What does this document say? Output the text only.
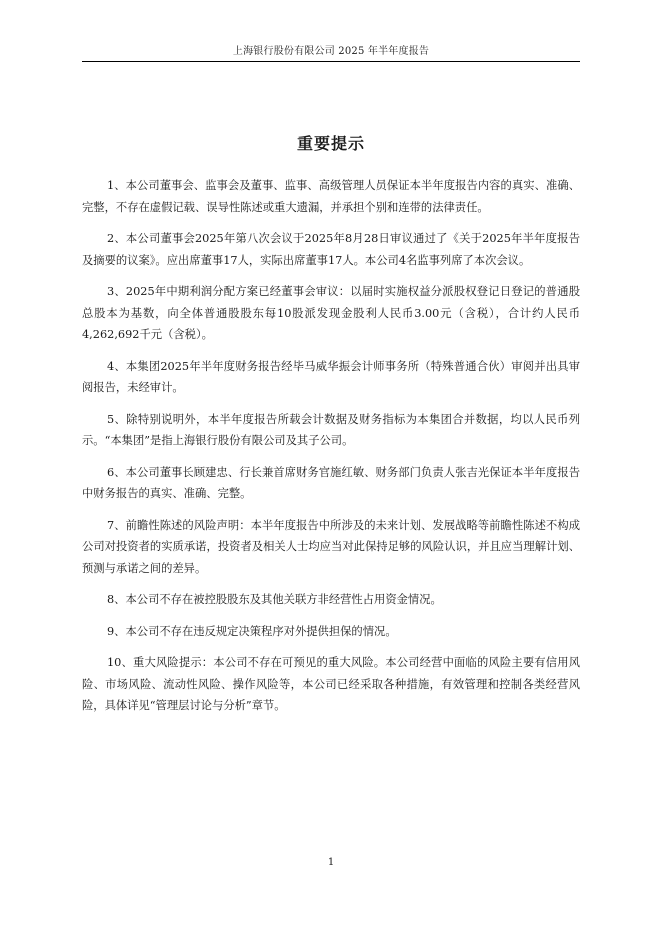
上海银行股份有限公司 2025 年半年度报告
重要提示

1、本公司董事会、监事会及董事、监事、高级管理人员保证本半年度报告内容的真实、准确、完整，不存在虚假记载、误导性陈述或重大遗漏，并承担个别和连带的法律责任。

2、本公司董事会2025年第八次会议于2025年8月28日审议通过了《关于2025年半年度报告及摘要的议案》。应出席董事17人，实际出席董事17人。本公司4名监事列席了本次会议。

3、2025年中期利润分配方案已经董事会审议：以届时实施权益分派股权登记日登记的普通股总股本为基数，向全体普通股股东每10股派发现金股利人民币3.00元（含税），合计约人民币4,262,692千元（含税）。

4、本集团2025年半年度财务报告经毕马威华振会计师事务所（特殊普通合伙）审阅并出具审阅报告，未经审计。

5、除特别说明外，本半年度报告所载会计数据及财务指标为本集团合并数据，均以人民币列示。“本集团”是指上海银行股份有限公司及其子公司。

6、本公司董事长顾建忠、行长兼首席财务官施红敏、财务部门负责人张吉光保证本半年度报告中财务报告的真实、准确、完整。

7、前瞻性陈述的风险声明：本半年度报告中所涉及的未来计划、发展战略等前瞻性陈述不构成公司对投资者的实质承诺，投资者及相关人士均应当对此保持足够的风险认识，并且应当理解计划、预测与承诺之间的差异。

8、本公司不存在被控股股东及其他关联方非经营性占用资金情况。

9、本公司不存在违反规定决策程序对外提供担保的情况。

10、重大风险提示：本公司不存在可预见的重大风险。本公司经营中面临的风险主要有信用风险、市场风险、流动性风险、操作风险等，本公司已经采取各种措施，有效管理和控制各类经营风险，具体详见“管理层讨论与分析”章节。

1
